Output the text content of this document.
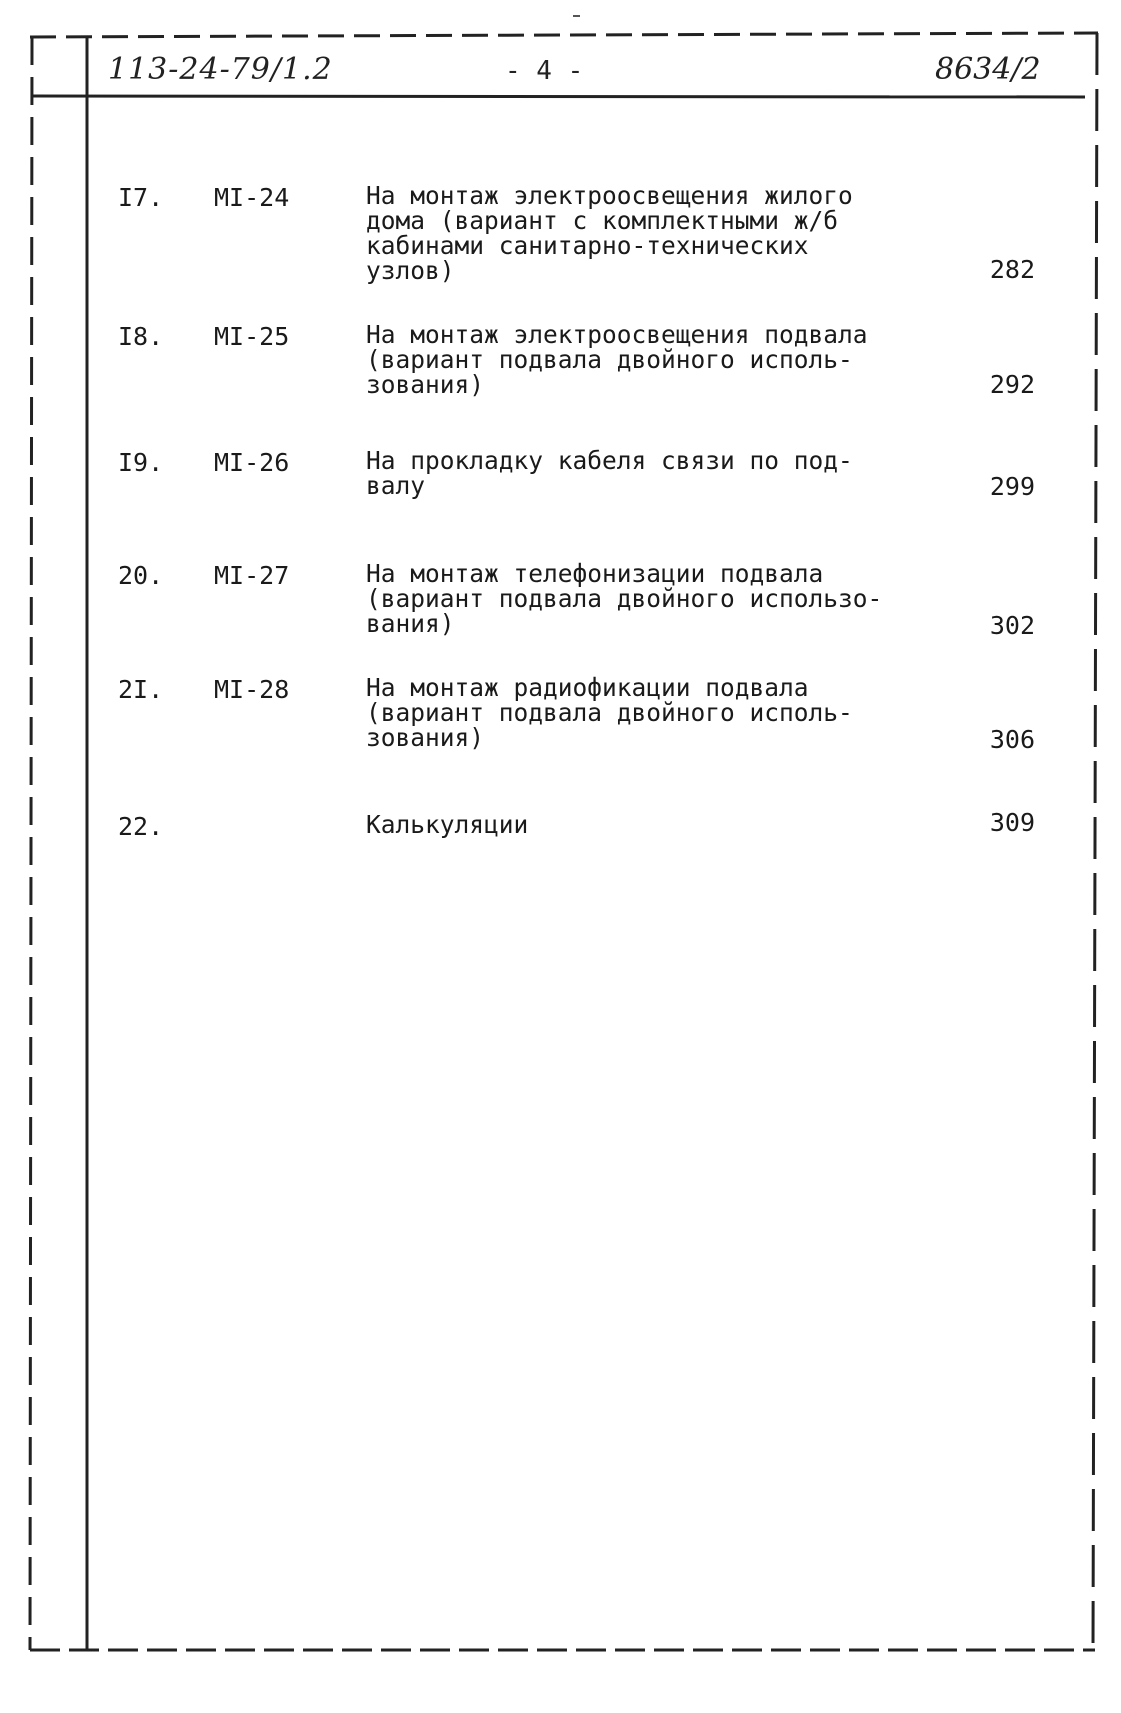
113-24-79/1.2	- 4 -	8634/2
I7. МI-24	На монтаж электроосвещения жилого
дома (вариант с комплектными ж/б
кабинами санитарно-технических
узлов)	282
I8. МI-25	На монтаж электроосвещения подвала
(вариант подвала двойного исполь-
зования)	292
I9. МI-26	На прокладку кабеля связи по под-
валу	299
20. МI-27	На монтаж телефонизации подвала
(вариант подвала двойного использо-
вания)	302
2I. МI-28	На монтаж радиофикации подвала
(вариант подвала двойного исполь-
зования)	306
22.	Калькуляции	309
